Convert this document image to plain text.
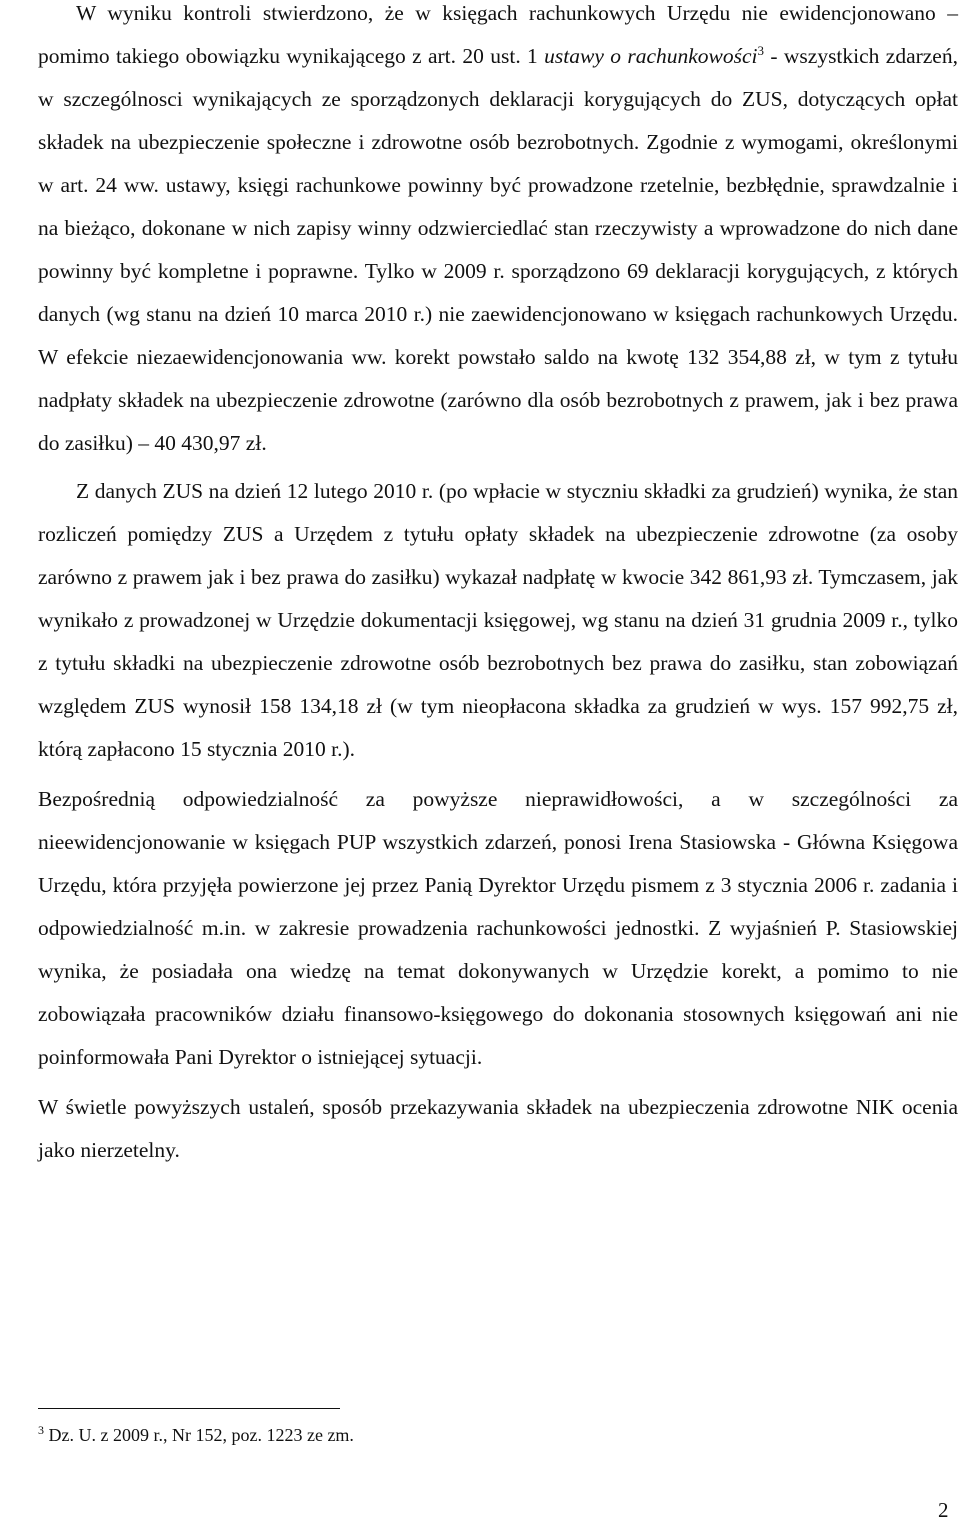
W wyniku kontroli stwierdzono, że w księgach rachunkowych Urzędu nie ewidencjonowano – pomimo takiego obowiązku wynikającego z art. 20 ust. 1 ustawy o rachunkowości$^3$ - wszystkich zdarzeń, w szczególnosci wynikających ze sporządzonych deklaracji korygujących do ZUS, dotyczących opłat składek na ubezpieczenie społeczne i zdrowotne osób bezrobotnych. Zgodnie z wymogami, określonymi w art. 24 ww. ustawy, księgi rachunkowe powinny być prowadzone rzetelnie, bezbłędnie, sprawdzalnie i na bieżąco, dokonane w nich zapisy winny odzwierciedlać stan rzeczywisty a wprowadzone do nich dane powinny być kompletne i poprawne. Tylko w 2009 r. sporządzono 69 deklaracji korygujących, z których danych (wg stanu na dzień 10 marca 2010 r.) nie zaewidencjonowano w księgach rachunkowych Urzędu. W efekcie niezaewidencjonowania ww. korekt powstało saldo na kwotę 132 354,88 zł, w tym z tytułu nadpłaty składek na ubezpieczenie zdrowotne (zarówno dla osób bezrobotnych z prawem, jak i bez prawa do zasiłku) – 40 430,97 zł.

Z danych ZUS na dzień 12 lutego 2010 r. (po wpłacie w styczniu składki za grudzień) wynika, że stan rozliczeń pomiędzy ZUS a Urzędem z tytułu opłaty składek na ubezpieczenie zdrowotne (za osoby zarówno z prawem jak i bez prawa do zasiłku) wykazał nadpłatę w kwocie 342 861,93 zł. Tymczasem, jak wynikało z prowadzonej w Urzędzie dokumentacji księgowej, wg stanu na dzień 31 grudnia 2009 r., tylko z tytułu składki na ubezpieczenie zdrowotne osób bezrobotnych bez prawa do zasiłku, stan zobowiązań względem ZUS wynosił 158 134,18 zł (w tym nieopłacona składka za grudzień w wys. 157 992,75 zł, którą zapłacono 15 stycznia 2010 r.).

Bezpośrednią odpowiedzialność za powyższe nieprawidłowości, a w szczególności za nieewidencjonowanie w księgach PUP wszystkich zdarzeń, ponosi Irena Stasiowska - Główna Księgowa Urzędu, która przyjęła powierzone jej przez Panią Dyrektor Urzędu pismem z 3 stycznia 2006 r. zadania i odpowiedzialność m.in. w zakresie prowadzenia rachunkowości jednostki. Z wyjaśnień P. Stasiowskiej wynika, że posiadała ona wiedzę na temat dokonywanych w Urzędzie korekt, a pomimo to nie zobowiązała pracowników działu finansowo-księgowego do dokonania stosownych księgowań ani nie poinformowała Pani Dyrektor o istniejącej sytuacji.

W świetle powyższych ustaleń, sposób przekazywania składek na ubezpieczenia zdrowotne NIK ocenia jako nierzetelny.

$^3$ Dz. U. z 2009 r., Nr 152, poz. 1223 ze zm.

2
